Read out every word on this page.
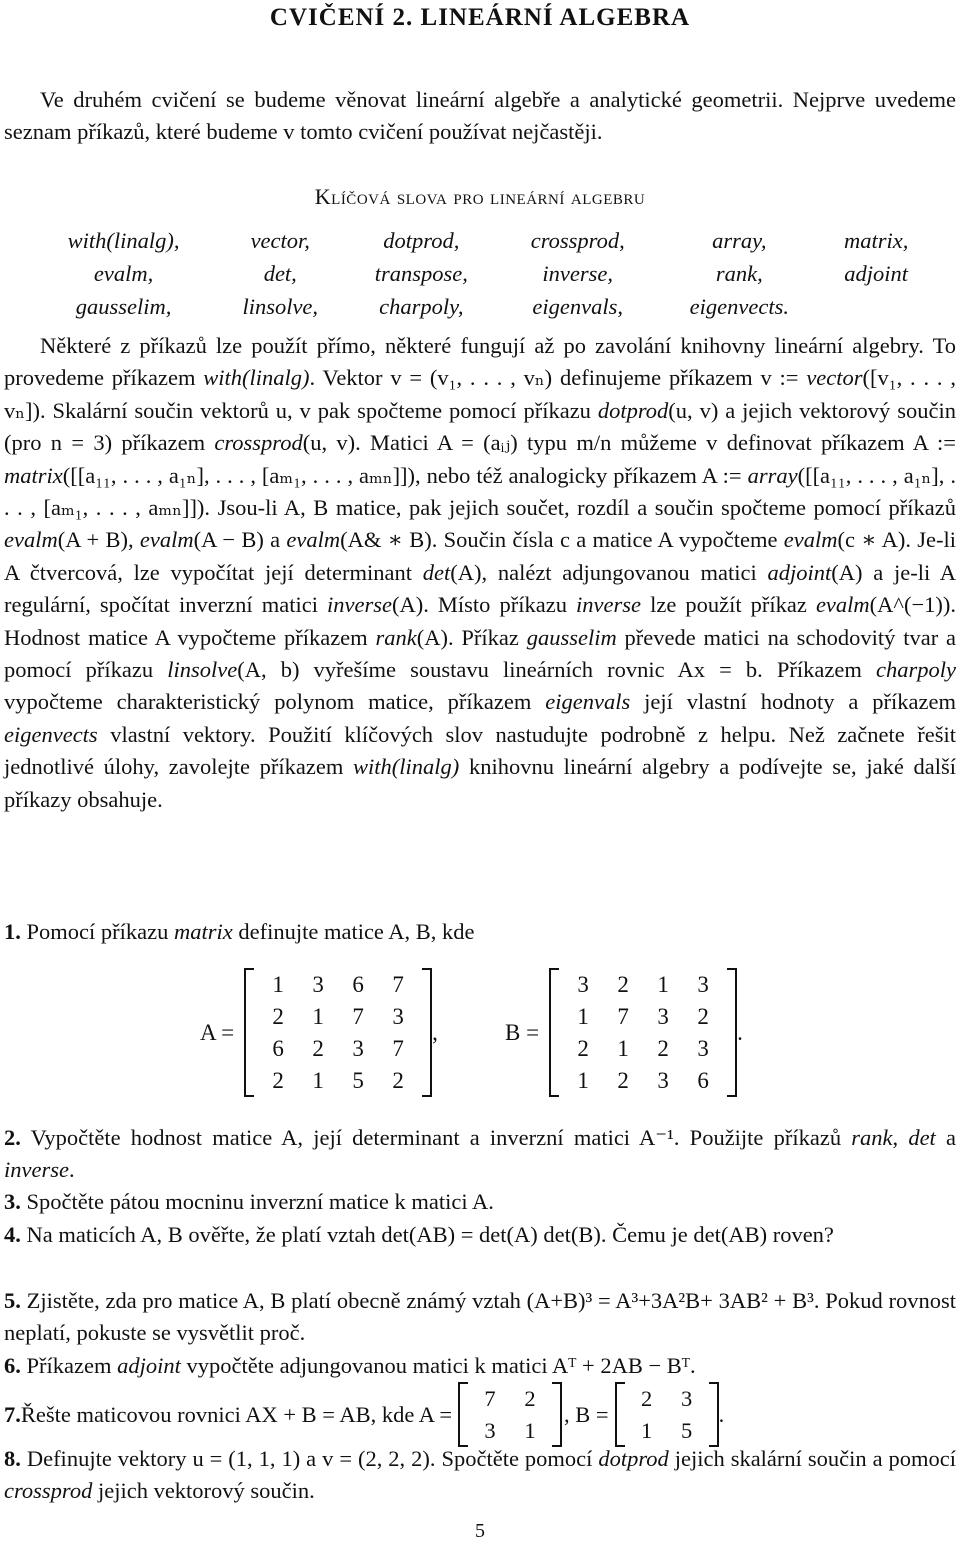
CVIČENÍ 2. LINEÁRNÍ ALGEBRA
Ve druhém cvičení se budeme věnovat lineární algebře a analytické geometrii. Nejprve uvedeme seznam příkazů, které budeme v tomto cvičení používat nejčastěji.
Klíčová slova pro lineární algebru
with(linalg),	vector,	dotprod,	crossprod,	array,	matrix,
evalm,	det,	transpose,	inverse,	rank,	adjoint
gausselim,	linsolve,	charpoly,	eigenvals,	eigenvects.	
Některé z příkazů lze použít přímo, některé fungují až po zavolání knihovny lineární algebry. To provedeme příkazem with(linalg). Vektor v = (v₁, . . . , vₙ) definujeme příkazem v := vector([v₁, . . . , vₙ]). Skalární součin vektorů u, v pak spočteme pomocí příkazu dotprod(u, v) a jejich vektorový součin (pro n = 3) příkazem crossprod(u, v). Matici A = (aᵢⱼ) typu m/n můžeme v definovat příkazem A := matrix([[a₁₁, . . . , a₁ₙ], . . . , [aₘ₁, . . . , aₘₙ]]), nebo též analogicky příkazem A := array([[a₁₁, . . . , a₁ₙ], . . . , [aₘ₁, . . . , aₘₙ]]). Jsou-li A, B matice, pak jejich součet, rozdíl a součin spočteme pomocí příkazů evalm(A + B), evalm(A − B) a evalm(A& ∗ B). Součin čísla c a matice A vypočteme evalm(c ∗ A). Je-li A čtvercová, lze vypočítat její determinant det(A), nalézt adjungovanou matici adjoint(A) a je-li A regulární, spočítat inverzní matici inverse(A). Místo příkazu inverse lze použít příkaz evalm(A^(−1)). Hodnost matice A vypočteme příkazem rank(A). Příkaz gausselim převede matici na schodovitý tvar a pomocí příkazu linsolve(A, b) vyřešíme soustavu lineárních rovnic Ax = b. Příkazem charpoly vypočteme charakteristický polynom matice, příkazem eigenvals její vlastní hodnoty a příkazem eigenvects vlastní vektory. Použití klíčových slov nastudujte podrobně z helpu. Než začnete řešit jednotlivé úlohy, zavolejte příkazem with(linalg) knihovnu lineární algebry a podívejte se, jaké další příkazy obsahuje.
1. Pomocí příkazu matrix definujte matice A, B, kde
A =
1	3	6	7
2	1	7	3
6	2	3	7
2	1	5	2
,	B =
3	2	1	3
1	7	3	2
2	1	2	3
1	2	3	6
.
2. Vypočtěte hodnost matice A, její determinant a inverzní matici A⁻¹. Použijte příkazů rank, det a inverse.
3. Spočtěte pátou mocninu inverzní matice k matici A.
4. Na maticích A, B ověřte, že platí vztah det(AB) = det(A) det(B). Čemu je det(AB) roven?
5. Zjistěte, zda pro matice A, B platí obecně známý vztah (A+B)³ = A³+3A²B+ 3AB² + B³. Pokud rovnost neplatí, pokuste se vysvětlit proč.
6. Příkazem adjoint vypočtěte adjungovanou matici k matici Aᵀ + 2AB − Bᵀ.
7. Řešte maticovou rovnici AX + B = AB, kde A =
7	2
3	1
, B =
2	3
1	5
.
8. Definujte vektory u = (1, 1, 1) a v = (2, 2, 2). Spočtěte pomocí dotprod jejich skalární součin a pomocí crossprod jejich vektorový součin.
5
